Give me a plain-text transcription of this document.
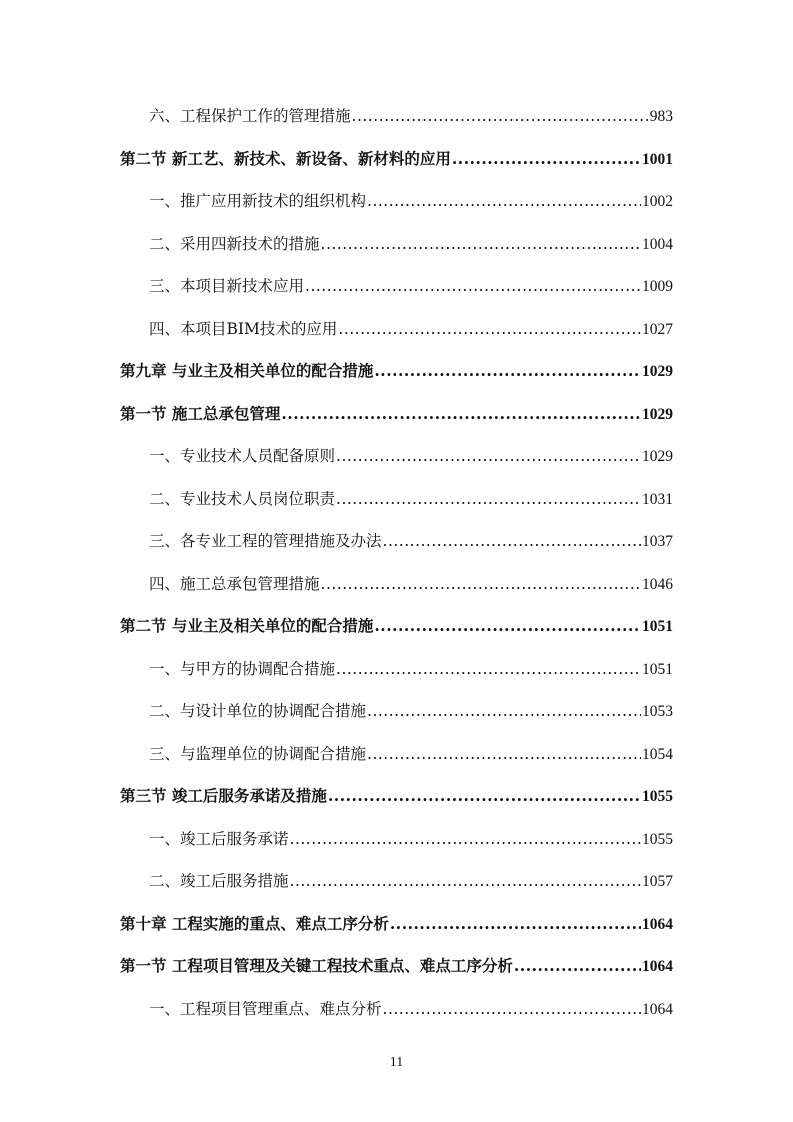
六、工程保护工作的管理措施 .....	983
第二节 新工艺、新技术、新设备、新材料的应用 .....	1001
一、推广应用新技术的组织机构 .....	1002
二、采用四新技术的措施 .....	1004
三、本项目新技术应用 .....	1009
四、本项目BIM技术的应用 .....	1027
第九章 与业主及相关单位的配合措施 .....	1029
第一节 施工总承包管理 .....	1029
一、专业技术人员配备原则 .....	1029
二、专业技术人员岗位职责 .....	1031
三、各专业工程的管理措施及办法 .....	1037
四、施工总承包管理措施 .....	1046
第二节 与业主及相关单位的配合措施 .....	1051
一、与甲方的协调配合措施 .....	1051
二、与设计单位的协调配合措施 .....	1053
三、与监理单位的协调配合措施 .....	1054
第三节 竣工后服务承诺及措施 .....	1055
一、竣工后服务承诺 .....	1055
二、竣工后服务措施 .....	1057
第十章 工程实施的重点、难点工序分析 .....	1064
第一节 工程项目管理及关键工程技术重点、难点工序分析 .....	1064
一、工程项目管理重点、难点分析 .....	1064
11
